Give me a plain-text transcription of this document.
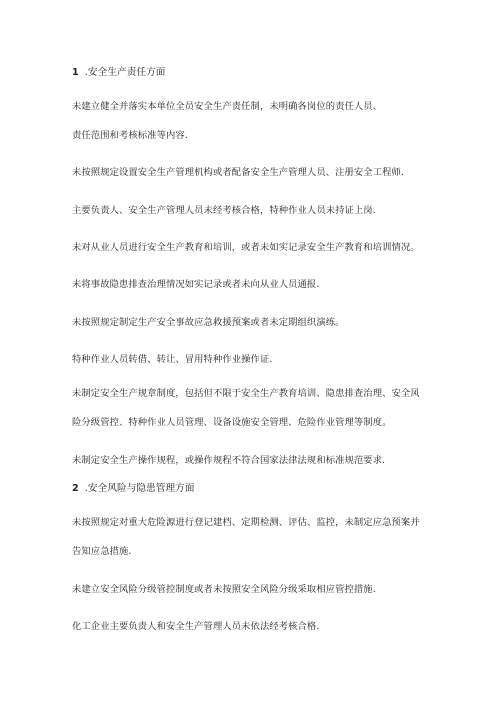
1 .安全生产责任方面
未建立健全并落实本单位全员安全生产责任制，未明确各岗位的责任人员、
责任范围和考核标准等内容.
未按照规定设置安全生产管理机构或者配备安全生产管理人员、注册安全工程师.
主要负责人、安全生产管理人员未经考核合格，特种作业人员未持证上岗.
未对从业人员进行安全生产教育和培训，或者未如实记录安全生产教育和培训情况。
未将事故隐患排查治理情况如实记录或者未向从业人员通报.
未按照规定制定生产安全事故应急救援预案或者未定期组织演练。
特种作业人员转借、转让、冒用特种作业操作证.
未制定安全生产规章制度，包括但不限于安全生产教育培训、隐患排查治理、安全风
险分级管控、特种作业人员管理、设备设施安全管理、危险作业管理等制度。
未制定安全生产操作规程，或操作规程不符合国家法律法规和标准规范要求.
2 .安全风险与隐患管理方面
未按照规定对重大危险源进行登记建档、定期检测、评估、监控，未制定应急预案并
告知应急措施.
未建立安全风险分级管控制度或者未按照安全风险分级采取相应管控措施.
化工企业主要负责人和安全生产管理人员未依法经考核合格.
